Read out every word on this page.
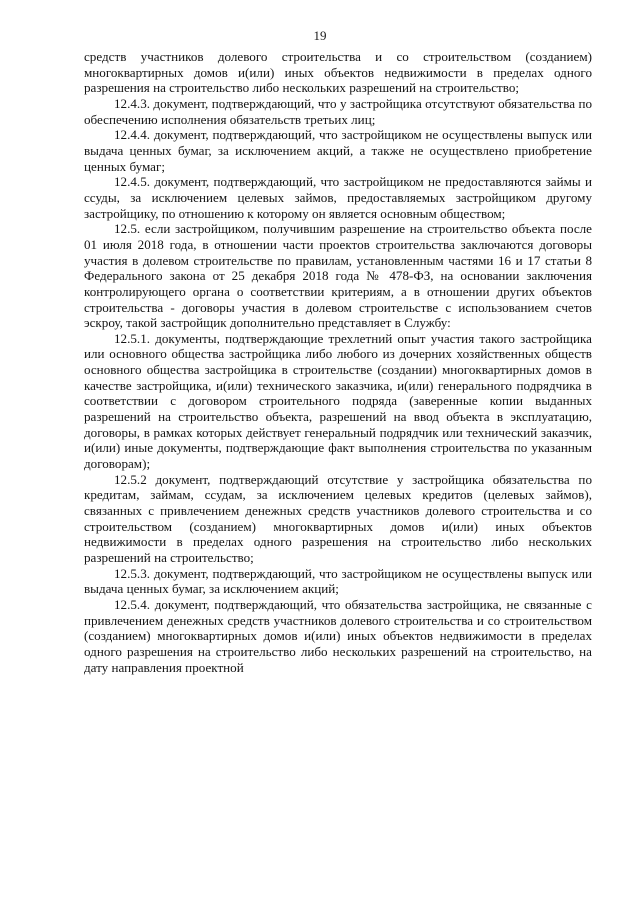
19

средств участников долевого строительства и со строительством (созданием) многоквартирных домов и(или) иных объектов недвижимости в пределах одного разрешения на строительство либо нескольких разрешений на строительство;

12.4.3. документ, подтверждающий, что у застройщика отсутствуют обязательства по обеспечению исполнения обязательств третьих лиц;

12.4.4. документ, подтверждающий, что застройщиком не осуществлены выпуск или выдача ценных бумаг, за исключением акций, а также не осуществлено приобретение ценных бумаг;

12.4.5. документ, подтверждающий, что застройщиком не предоставляются займы и ссуды, за исключением целевых займов, предоставляемых застройщиком другому застройщику, по отношению к которому он является основным обществом;

12.5. если застройщиком, получившим разрешение на строительство объекта после 01 июля 2018 года, в отношении части проектов строительства заключаются договоры участия в долевом строительстве по правилам, установленным частями 16 и 17 статьи 8 Федерального закона от 25 декабря 2018 года № 478-ФЗ, на основании заключения контролирующего органа о соответствии критериям, а в отношении других объектов строительства - договоры участия в долевом строительстве с использованием счетов эскроу, такой застройщик дополнительно представляет в Службу:

12.5.1. документы, подтверждающие трехлетний опыт участия такого застройщика или основного общества застройщика либо любого из дочерних хозяйственных обществ основного общества застройщика в строительстве (создании) многоквартирных домов в качестве застройщика, и(или) технического заказчика, и(или) генерального подрядчика в соответствии с договором строительного подряда (заверенные копии выданных разрешений на строительство объекта, разрешений на ввод объекта в эксплуатацию, договоры, в рамках которых действует генеральный подрядчик или технический заказчик, и(или) иные документы, подтверждающие факт выполнения строительства по указанным договорам);

12.5.2 документ, подтверждающий отсутствие у застройщика обязательства по кредитам, займам, ссудам, за исключением целевых кредитов (целевых займов), связанных с привлечением денежных средств участников долевого строительства и со строительством (созданием) многоквартирных домов и(или) иных объектов недвижимости в пределах одного разрешения на строительство либо нескольких разрешений на строительство;

12.5.3. документ, подтверждающий, что застройщиком не осуществлены выпуск или выдача ценных бумаг, за исключением акций;

12.5.4. документ, подтверждающий, что обязательства застройщика, не связанные с привлечением денежных средств участников долевого строительства и со строительством (созданием) многоквартирных домов и(или) иных объектов недвижимости в пределах одного разрешения на строительство либо нескольких разрешений на строительство, на дату направления проектной
